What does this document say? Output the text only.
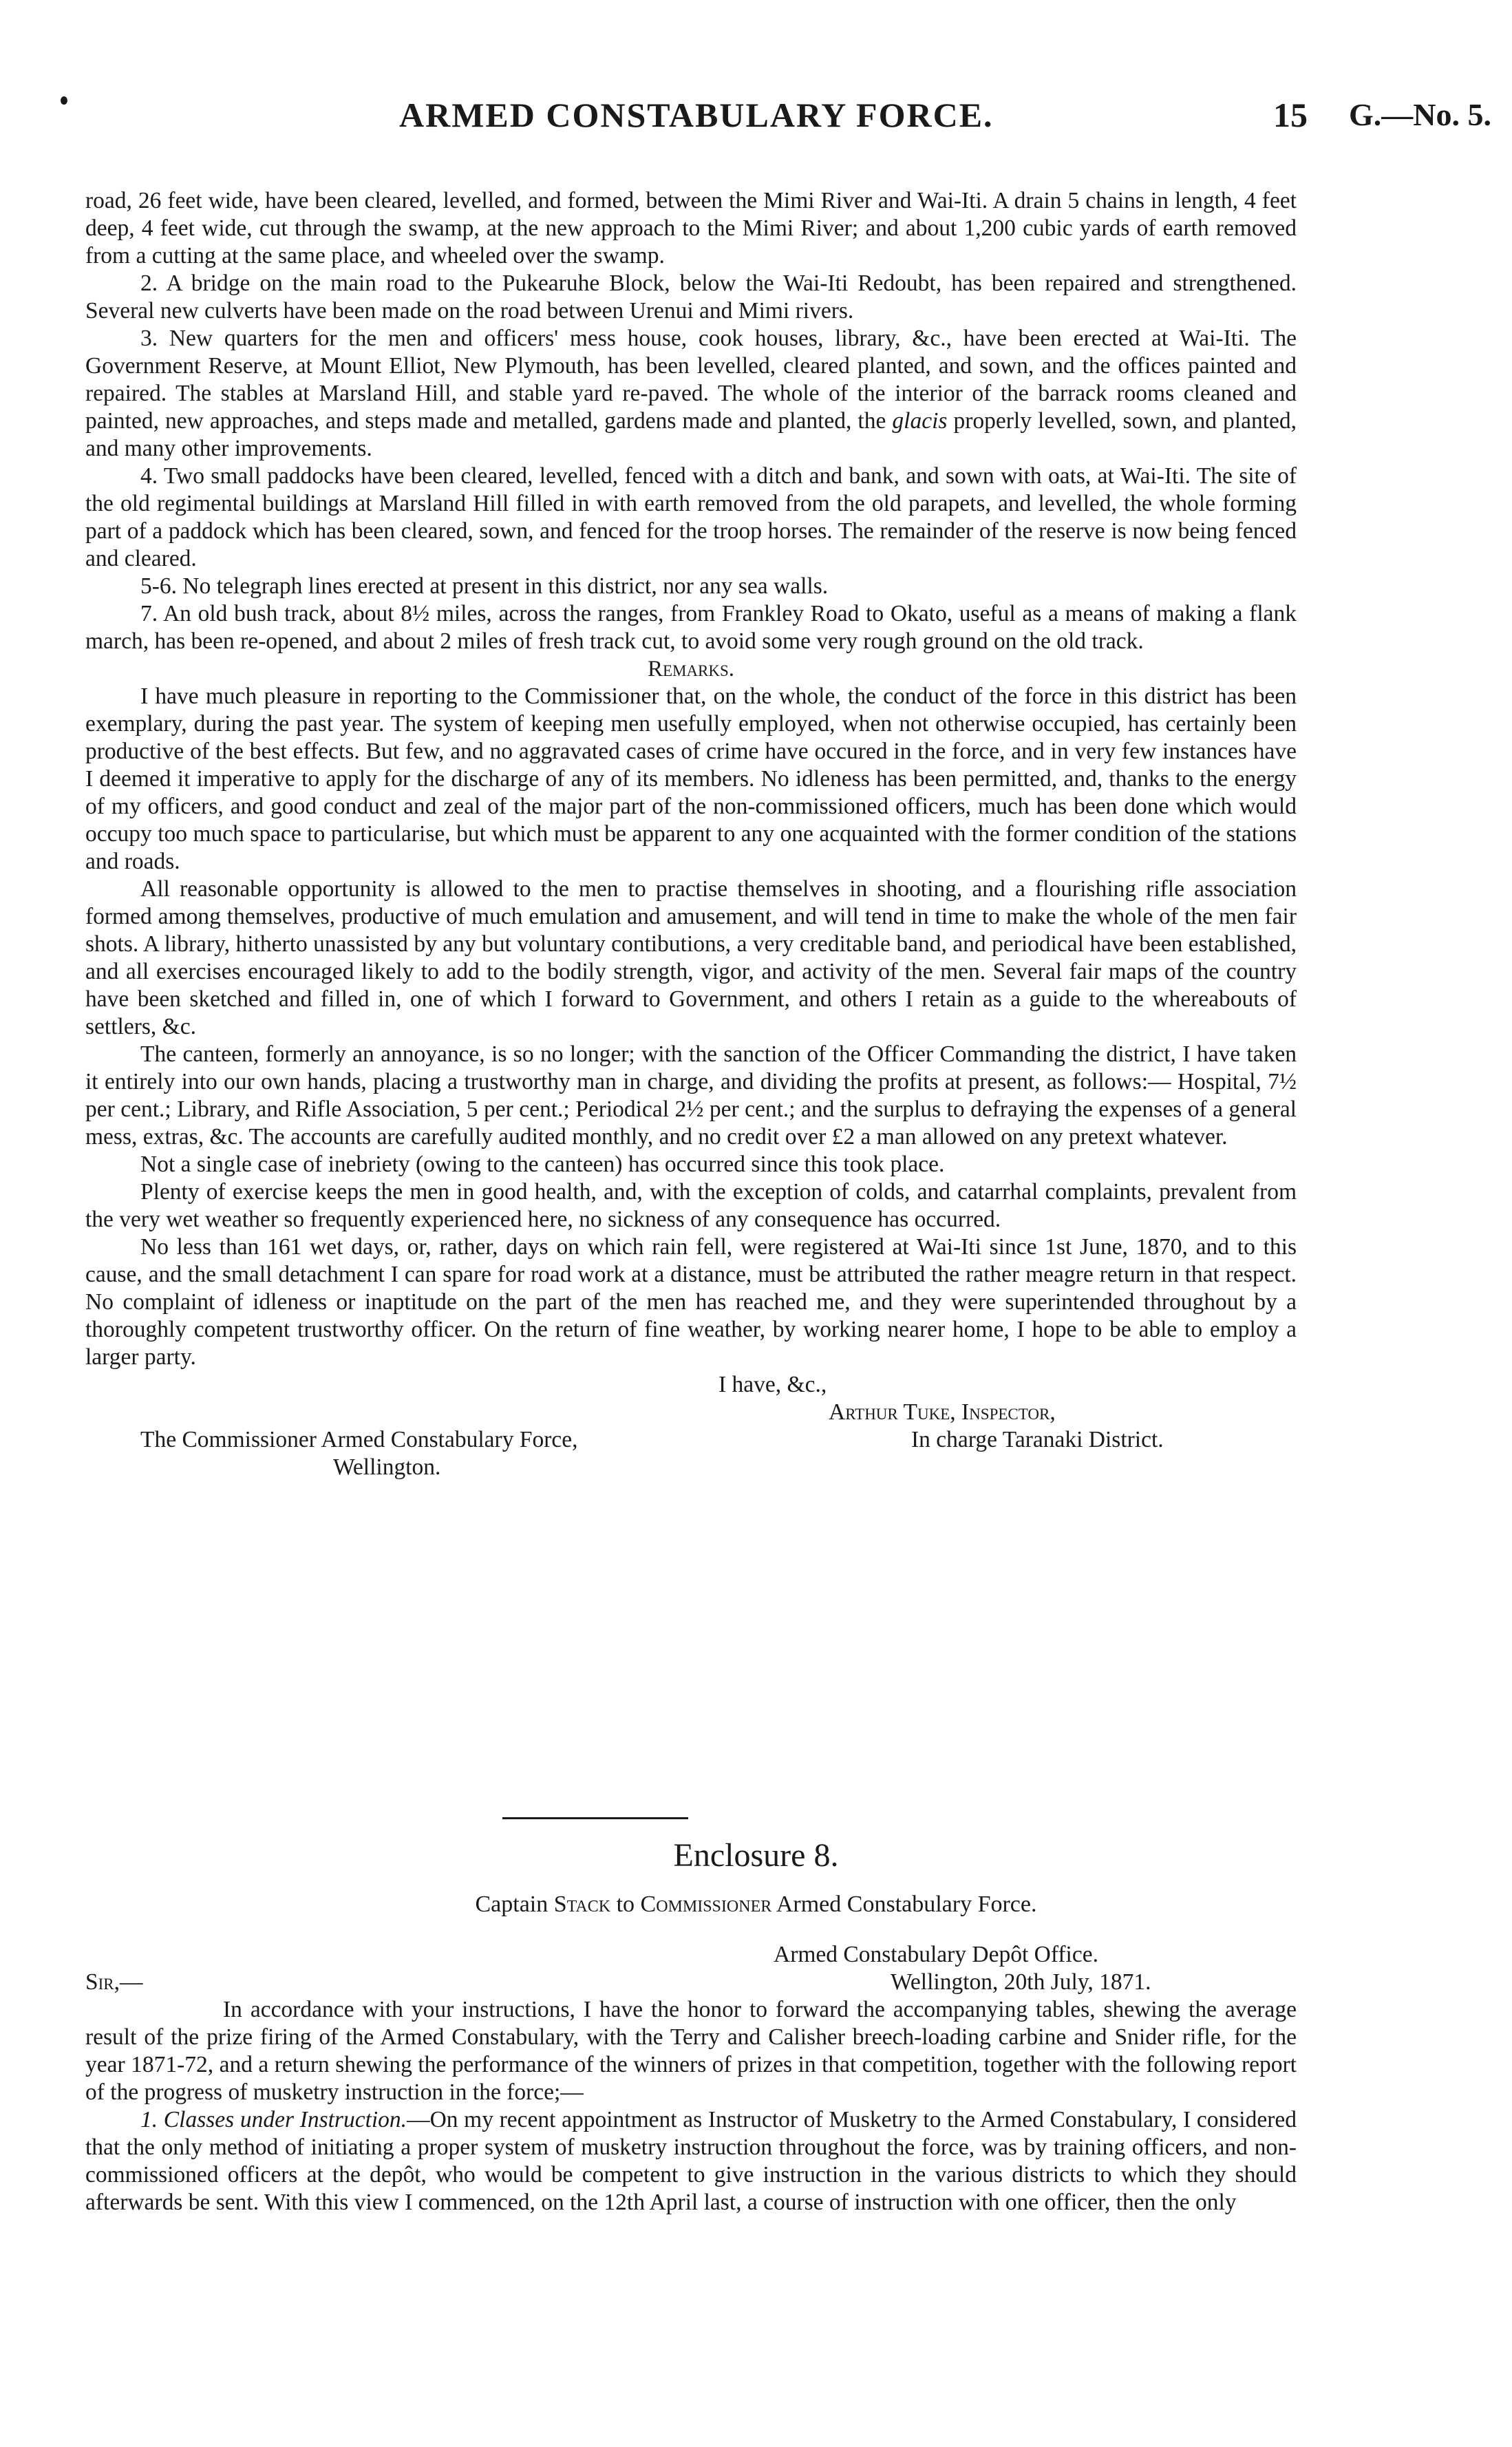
ARMED CONSTABULARY FORCE.	15 G.—No. 5.

road, 26 feet wide, have been cleared, levelled, and formed, between the Mimi River and Wai-Iti. A drain 5 chains in length, 4 feet deep, 4 feet wide, cut through the swamp, at the new approach to the Mimi River; and about 1,200 cubic yards of earth removed from a cutting at the same place, and wheeled over the swamp.

2. A bridge on the main road to the Pukearuhe Block, below the Wai-Iti Redoubt, has been repaired and strengthened. Several new culverts have been made on the road between Urenui and Mimi rivers.

3. New quarters for the men and officers' mess house, cook houses, library, &c., have been erected at Wai-Iti. The Government Reserve, at Mount Elliot, New Plymouth, has been levelled, cleared planted, and sown, and the offices painted and repaired. The stables at Marsland Hill, and stable yard re-paved. The whole of the interior of the barrack rooms cleaned and painted, new approaches, and steps made and metalled, gardens made and planted, the glacis properly levelled, sown, and planted, and many other improvements.

4. Two small paddocks have been cleared, levelled, fenced with a ditch and bank, and sown with oats, at Wai-Iti. The site of the old regimental buildings at Marsland Hill filled in with earth removed from the old parapets, and levelled, the whole forming part of a paddock which has been cleared, sown, and fenced for the troop horses. The remainder of the reserve is now being fenced and cleared.

5-6. No telegraph lines erected at present in this district, nor any sea walls.

7. An old bush track, about 8½ miles, across the ranges, from Frankley Road to Okato, useful as a means of making a flank march, has been re-opened, and about 2 miles of fresh track cut, to avoid some very rough ground on the old track.

Remarks.

I have much pleasure in reporting to the Commissioner that, on the whole, the conduct of the force in this district has been exemplary, during the past year. The system of keeping men usefully employed, when not otherwise occupied, has certainly been productive of the best effects. But few, and no aggravated cases of crime have occured in the force, and in very few instances have I deemed it imperative to apply for the discharge of any of its members. No idleness has been permitted, and, thanks to the energy of my officers, and good conduct and zeal of the major part of the non-commissioned officers, much has been done which would occupy too much space to particularise, but which must be apparent to any one acquainted with the former condition of the stations and roads.

All reasonable opportunity is allowed to the men to practise themselves in shooting, and a flourishing rifle association formed among themselves, productive of much emulation and amusement, and will tend in time to make the whole of the men fair shots. A library, hitherto unassisted by any but voluntary contibutions, a very creditable band, and periodical have been established, and all exercises encouraged likely to add to the bodily strength, vigor, and activity of the men. Several fair maps of the country have been sketched and filled in, one of which I forward to Government, and others I retain as a guide to the whereabouts of settlers, &c.

The canteen, formerly an annoyance, is so no longer; with the sanction of the Officer Commanding the district, I have taken it entirely into our own hands, placing a trustworthy man in charge, and dividing the profits at present, as follows:— Hospital, 7½ per cent.; Library, and Rifle Association, 5 per cent.; Periodical 2½ per cent.; and the surplus to defraying the expenses of a general mess, extras, &c. The accounts are carefully audited monthly, and no credit over £2 a man allowed on any pretext whatever.

Not a single case of inebriety (owing to the canteen) has occurred since this took place.

Plenty of exercise keeps the men in good health, and, with the exception of colds, and catarrhal complaints, prevalent from the very wet weather so frequently experienced here, no sickness of any consequence has occurred.

No less than 161 wet days, or, rather, days on which rain fell, were registered at Wai-Iti since 1st June, 1870, and to this cause, and the small detachment I can spare for road work at a distance, must be attributed the rather meagre return in that respect. No complaint of idleness or inaptitude on the part of the men has reached me, and they were superintended throughout by a thoroughly competent trustworthy officer. On the return of fine weather, by working nearer home, I hope to be able to employ a larger party.

I have, &c.,
Arthur Tuke, Inspector,
The Commissioner Armed Constabulary Force,	In charge Taranaki District.
Wellington.
Enclosure 8.
Captain Stack to Commissioner Armed Constabulary Force.
Armed Constabulary Depôt Office.
Sir,—	Wellington, 20th July, 1871.

In accordance with your instructions, I have the honor to forward the accompanying tables, shewing the average result of the prize firing of the Armed Constabulary, with the Terry and Calisher breech-loading carbine and Snider rifle, for the year 1871-72, and a return shewing the performance of the winners of prizes in that competition, together with the following report of the progress of musketry instruction in the force;—

1. Classes under Instruction.—On my recent appointment as Instructor of Musketry to the Armed Constabulary, I considered that the only method of initiating a proper system of musketry instruction throughout the force, was by training officers, and non-commissioned officers at the depôt, who would be competent to give instruction in the various districts to which they should afterwards be sent. With this view I commenced, on the 12th April last, a course of instruction with one officer, then the only
